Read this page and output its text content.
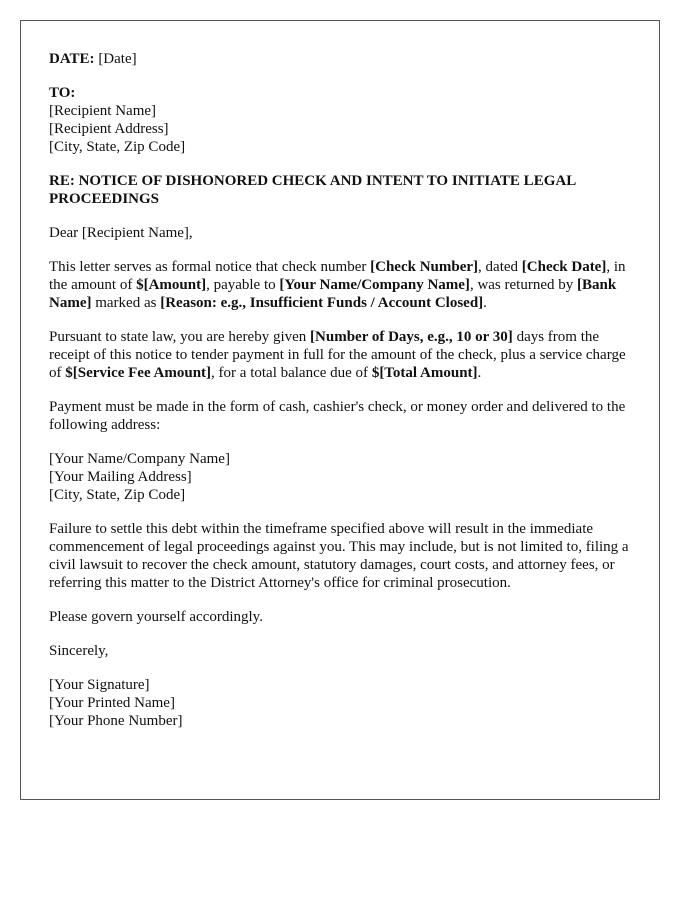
DATE: [Date]
TO:
[Recipient Name]
[Recipient Address]
[City, State, Zip Code]
RE: NOTICE OF DISHONORED CHECK AND INTENT TO INITIATE LEGAL PROCEEDINGS
Dear [Recipient Name],
This letter serves as formal notice that check number [Check Number], dated [Check Date], in the amount of $[Amount], payable to [Your Name/Company Name], was returned by [Bank Name] marked as [Reason: e.g., Insufficient Funds / Account Closed].
Pursuant to state law, you are hereby given [Number of Days, e.g., 10 or 30] days from the receipt of this notice to tender payment in full for the amount of the check, plus a service charge of $[Service Fee Amount], for a total balance due of $[Total Amount].
Payment must be made in the form of cash, cashier's check, or money order and delivered to the following address:
[Your Name/Company Name]
[Your Mailing Address]
[City, State, Zip Code]
Failure to settle this debt within the timeframe specified above will result in the immediate commencement of legal proceedings against you. This may include, but is not limited to, filing a civil lawsuit to recover the check amount, statutory damages, court costs, and attorney fees, or referring this matter to the District Attorney's office for criminal prosecution.
Please govern yourself accordingly.
Sincerely,
[Your Signature]
[Your Printed Name]
[Your Phone Number]
